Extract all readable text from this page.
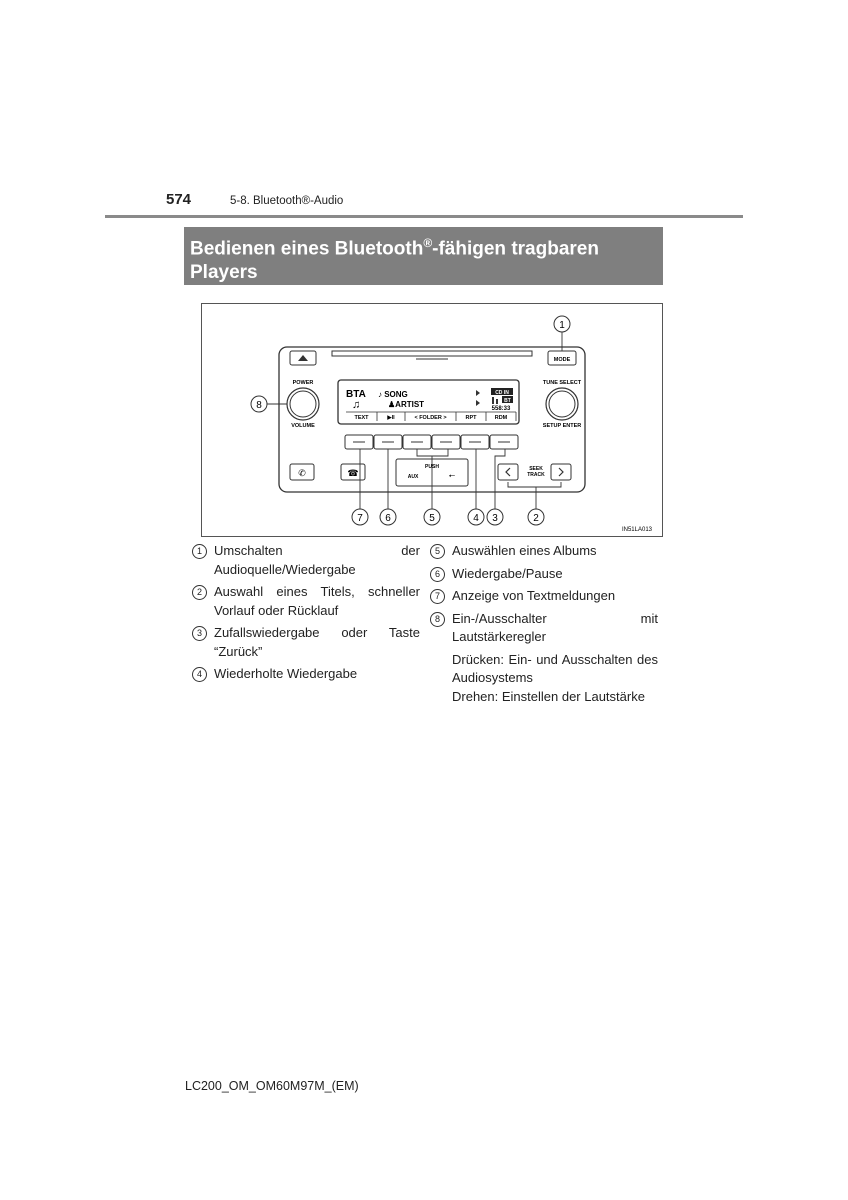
574	5-8. Bluetooth®-Audio
Bedienen eines Bluetooth®-fähigen tragbaren
Players
MODE
POWER
VOLUME
TUNE SELECT
SETUP ENTER
BTA ♪ SONG
♟ARTIST
♫
CD IN
BT
558:33
TEXT	▶II	< FOLDER >	RPT	RDM
✆	☎
PUSH
AUX	⭠
SEEK
TRACK
1
2
3
4
5
6
7
8
IN51LA013
1 Umschalten der Audioquelle/Wiedergabe
2 Auswahl eines Titels, schneller Vorlauf oder Rücklauf
3 Zufallswiedergabe oder Taste “Zurück”
4 Wiederholte Wiedergabe
5 Auswählen eines Albums
6 Wiedergabe/Pause
7 Anzeige von Textmeldungen
8 Ein-/Ausschalter mit Lautstärkeregler
Drücken: Ein- und Ausschalten des Audiosystems
Drehen: Einstellen der Lautstärke
LC200_OM_OM60M97M_(EM)
